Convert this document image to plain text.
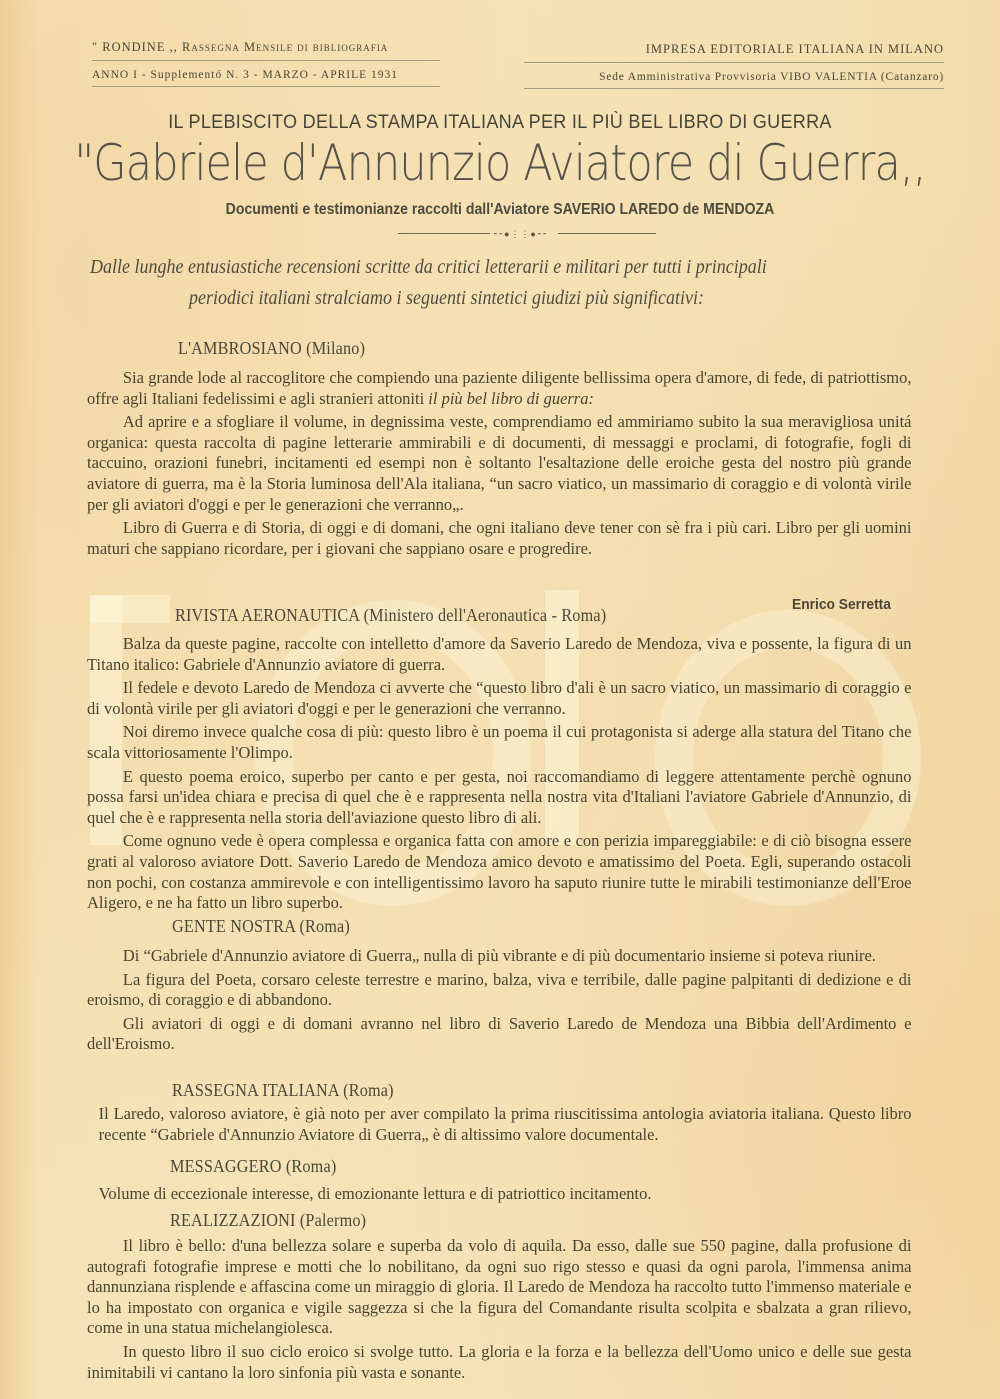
" RONDINE ,, Rassegna Mensile di bibliografia
ANNO I - Supplementó N. 3 - MARZO - APRILE 1931
IMPRESA EDITORIALE ITALIANA IN MILANO
Sede Amministrativa Provvisoria VIBO VALENTIA (Catanzaro)
IL PLEBISCITO DELLA STAMPA ITALIANA PER IL PIÙ BEL LIBRO DI GUERRA
"Gabriele d'Annunzio Aviatore di Guerra,,
Documenti e testimonianze raccolti dall'Aviatore SAVERIO LAREDO de MENDOZA
⁃⁃●⋮⋮●⁃⁃
Dalle lunghe entusiastiche recensioni scritte da critici letterarii e militari per tutti i principali
periodici italiani stralciamo i seguenti sintetici giudizi più significativi:
L'AMBROSIANO (Milano)

Sia grande lode al raccoglitore che compiendo una paziente diligente bellissima opera d'amore, di fede, di patriottismo, offre agli Italiani fedelissimi e agli stranieri attoniti il più bel libro di guerra:

Ad aprire e a sfogliare il volume, in degnissima veste, comprendiamo ed ammiriamo subito la sua meravigliosa unitá organica: questa raccolta di pagine letterarie ammirabili e di documenti, di messaggi e proclami, di fotografie, fogli di taccuino, orazioni funebri, incitamenti ed esempi non è soltanto l'esaltazione delle eroiche gesta del nostro più grande aviatore di guerra, ma è la Storia luminosa dell'Ala italiana, “un sacro viatico, un massimario di coraggio e di volontà virile per gli aviatori d'oggi e per le generazioni che verranno„.

Libro di Guerra e di Storia, di oggi e di domani, che ogni italiano deve tener con sè fra i più cari. Libro per gli uomini maturi che sappiano ricordare, per i giovani che sappiano osare e progredire.

Enrico Serretta
RIVISTA AERONAUTICA (Ministero dell'Aeronautica - Roma)

Balza da queste pagine, raccolte con intelletto d'amore da Saverio Laredo de Mendoza, viva e possente, la figura di un Titano italico: Gabriele d'Annunzio aviatore di guerra.

Il fedele e devoto Laredo de Mendoza ci avverte che “questo libro d'ali è un sacro viatico, un massimario di coraggio e di volontà virile per gli aviatori d'oggi e per le generazioni che verranno.

Noi diremo invece qualche cosa di più: questo libro è un poema il cui protagonista si aderge alla statura del Titano che scala vittoriosamente l'Olimpo.

E questo poema eroico, superbo per canto e per gesta, noi raccomandiamo di leggere attentamente perchè ognuno possa farsi un'idea chiara e precisa di quel che è e rappresenta nella nostra vita d'Italiani l'aviatore Gabriele d'Annunzio, di quel che è e rappresenta nella storia dell'aviazione questo libro di ali.

Come ognuno vede è opera complessa e organica fatta con amore e con perizia impareggiabile: e di ciò bisogna essere grati al valoroso aviatore Dott. Saverio Laredo de Mendoza amico devoto e amatissimo del Poeta. Egli, superando ostacoli non pochi, con costanza ammirevole e con intelligentissimo lavoro ha saputo riunire tutte le mirabili testimonianze dell'Eroe Aligero, e ne ha fatto un libro superbo.

GENTE NOSTRA (Roma)

Di “Gabriele d'Annunzio aviatore di Guerra„ nulla di più vibrante e di più documentario insieme si poteva riunire.

La figura del Poeta, corsaro celeste terrestre e marino, balza, viva e terribile, dalle pagine palpitanti di dedizione e di eroismo, di coraggio e di abbandono.

Gli aviatori di oggi e di domani avranno nel libro di Saverio Laredo de Mendoza una Bibbia dell'Ardimento e dell'Eroismo.

RASSEGNA ITALIANA (Roma)

Il Laredo, valoroso aviatore, è già noto per aver compilato la prima riuscitissima antologia aviatoria italiana. Questo libro recente “Gabriele d'Annunzio Aviatore di Guerra„ è di altissimo valore documentale.

MESSAGGERO (Roma)

Volume di eccezionale interesse, di emozionante lettura e di patriottico incitamento.

REALIZZAZIONI (Palermo)

Il libro è bello: d'una bellezza solare e superba da volo di aquila. Da esso, dalle sue 550 pagine, dalla profusione di autografi fotografie imprese e motti che lo nobilitano, da ogni suo rigo stesso e quasi da ogni parola, l'immensa anima dannunziana risplende e affascina come un miraggio di gloria. Il Laredo de Mendoza ha raccolto tutto l'immenso materiale e lo ha impostato con organica e vigile saggezza si che la figura del Comandante risulta scolpita e sbalzata a gran rilievo, come in una statua michelangiolesca.

In questo libro il suo ciclo eroico si svolge tutto. La gloria e la forza e la bellezza dell'Uomo unico e delle sue gesta inimitabili vi cantano la loro sinfonia più vasta e sonante.
